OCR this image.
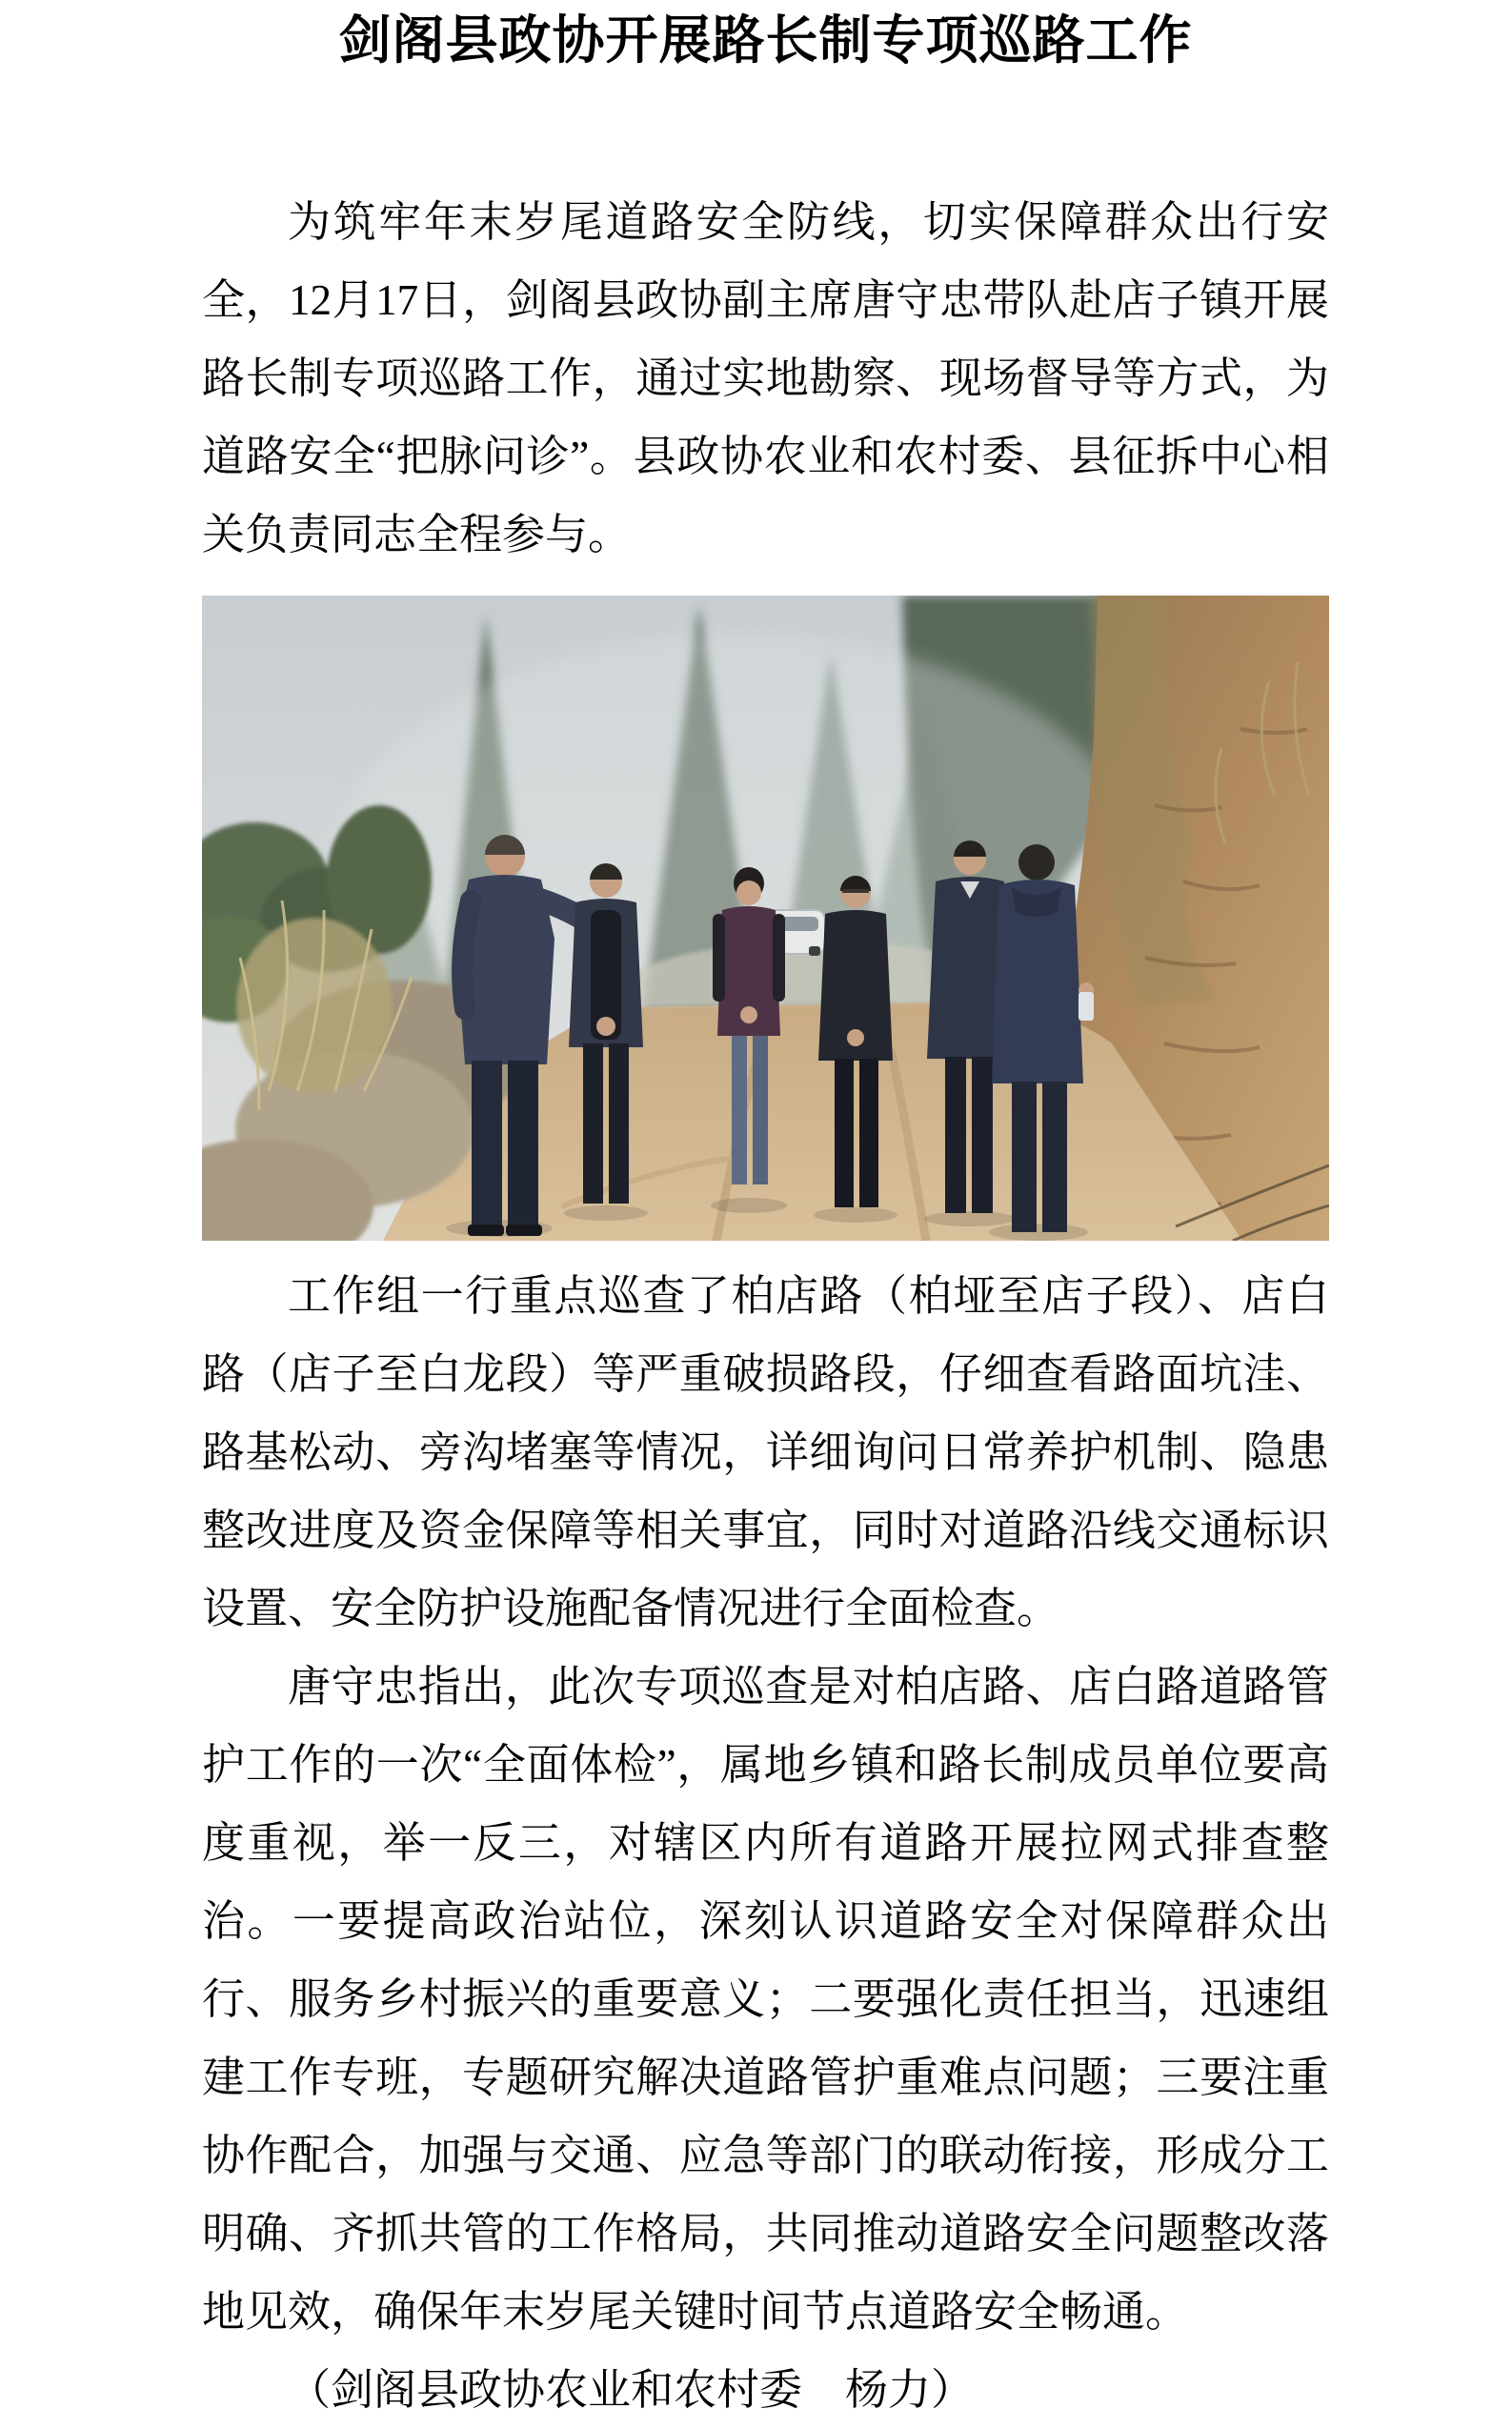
剑阁县政协开展路长制专项巡路工作

为筑牢年末岁尾道路安全防线，切实保障群众出行安全，12月17日，剑阁县政协副主席唐守忠带队赴店子镇开展路长制专项巡路工作，通过实地勘察、现场督导等方式，为道路安全“把脉问诊”。县政协农业和农村委、县征拆中心相关负责同志全程参与。

工作组一行重点巡查了柏店路（柏垭至店子段）、店白路（店子至白龙段）等严重破损路段，仔细查看路面坑洼、路基松动、旁沟堵塞等情况，详细询问日常养护机制、隐患整改进度及资金保障等相关事宜，同时对道路沿线交通标识设置、安全防护设施配备情况进行全面检查。

唐守忠指出，此次专项巡查是对柏店路、店白路道路管护工作的一次“全面体检”，属地乡镇和路长制成员单位要高度重视，举一反三，对辖区内所有道路开展拉网式排查整治。一要提高政治站位，深刻认识道路安全对保障群众出行、服务乡村振兴的重要意义；二要强化责任担当，迅速组建工作专班，专题研究解决道路管护重难点问题；三要注重协作配合，加强与交通、应急等部门的联动衔接，形成分工明确、齐抓共管的工作格局，共同推动道路安全问题整改落地见效，确保年末岁尾关键时间节点道路安全畅通。

（剑阁县政协农业和农村委　杨力）
